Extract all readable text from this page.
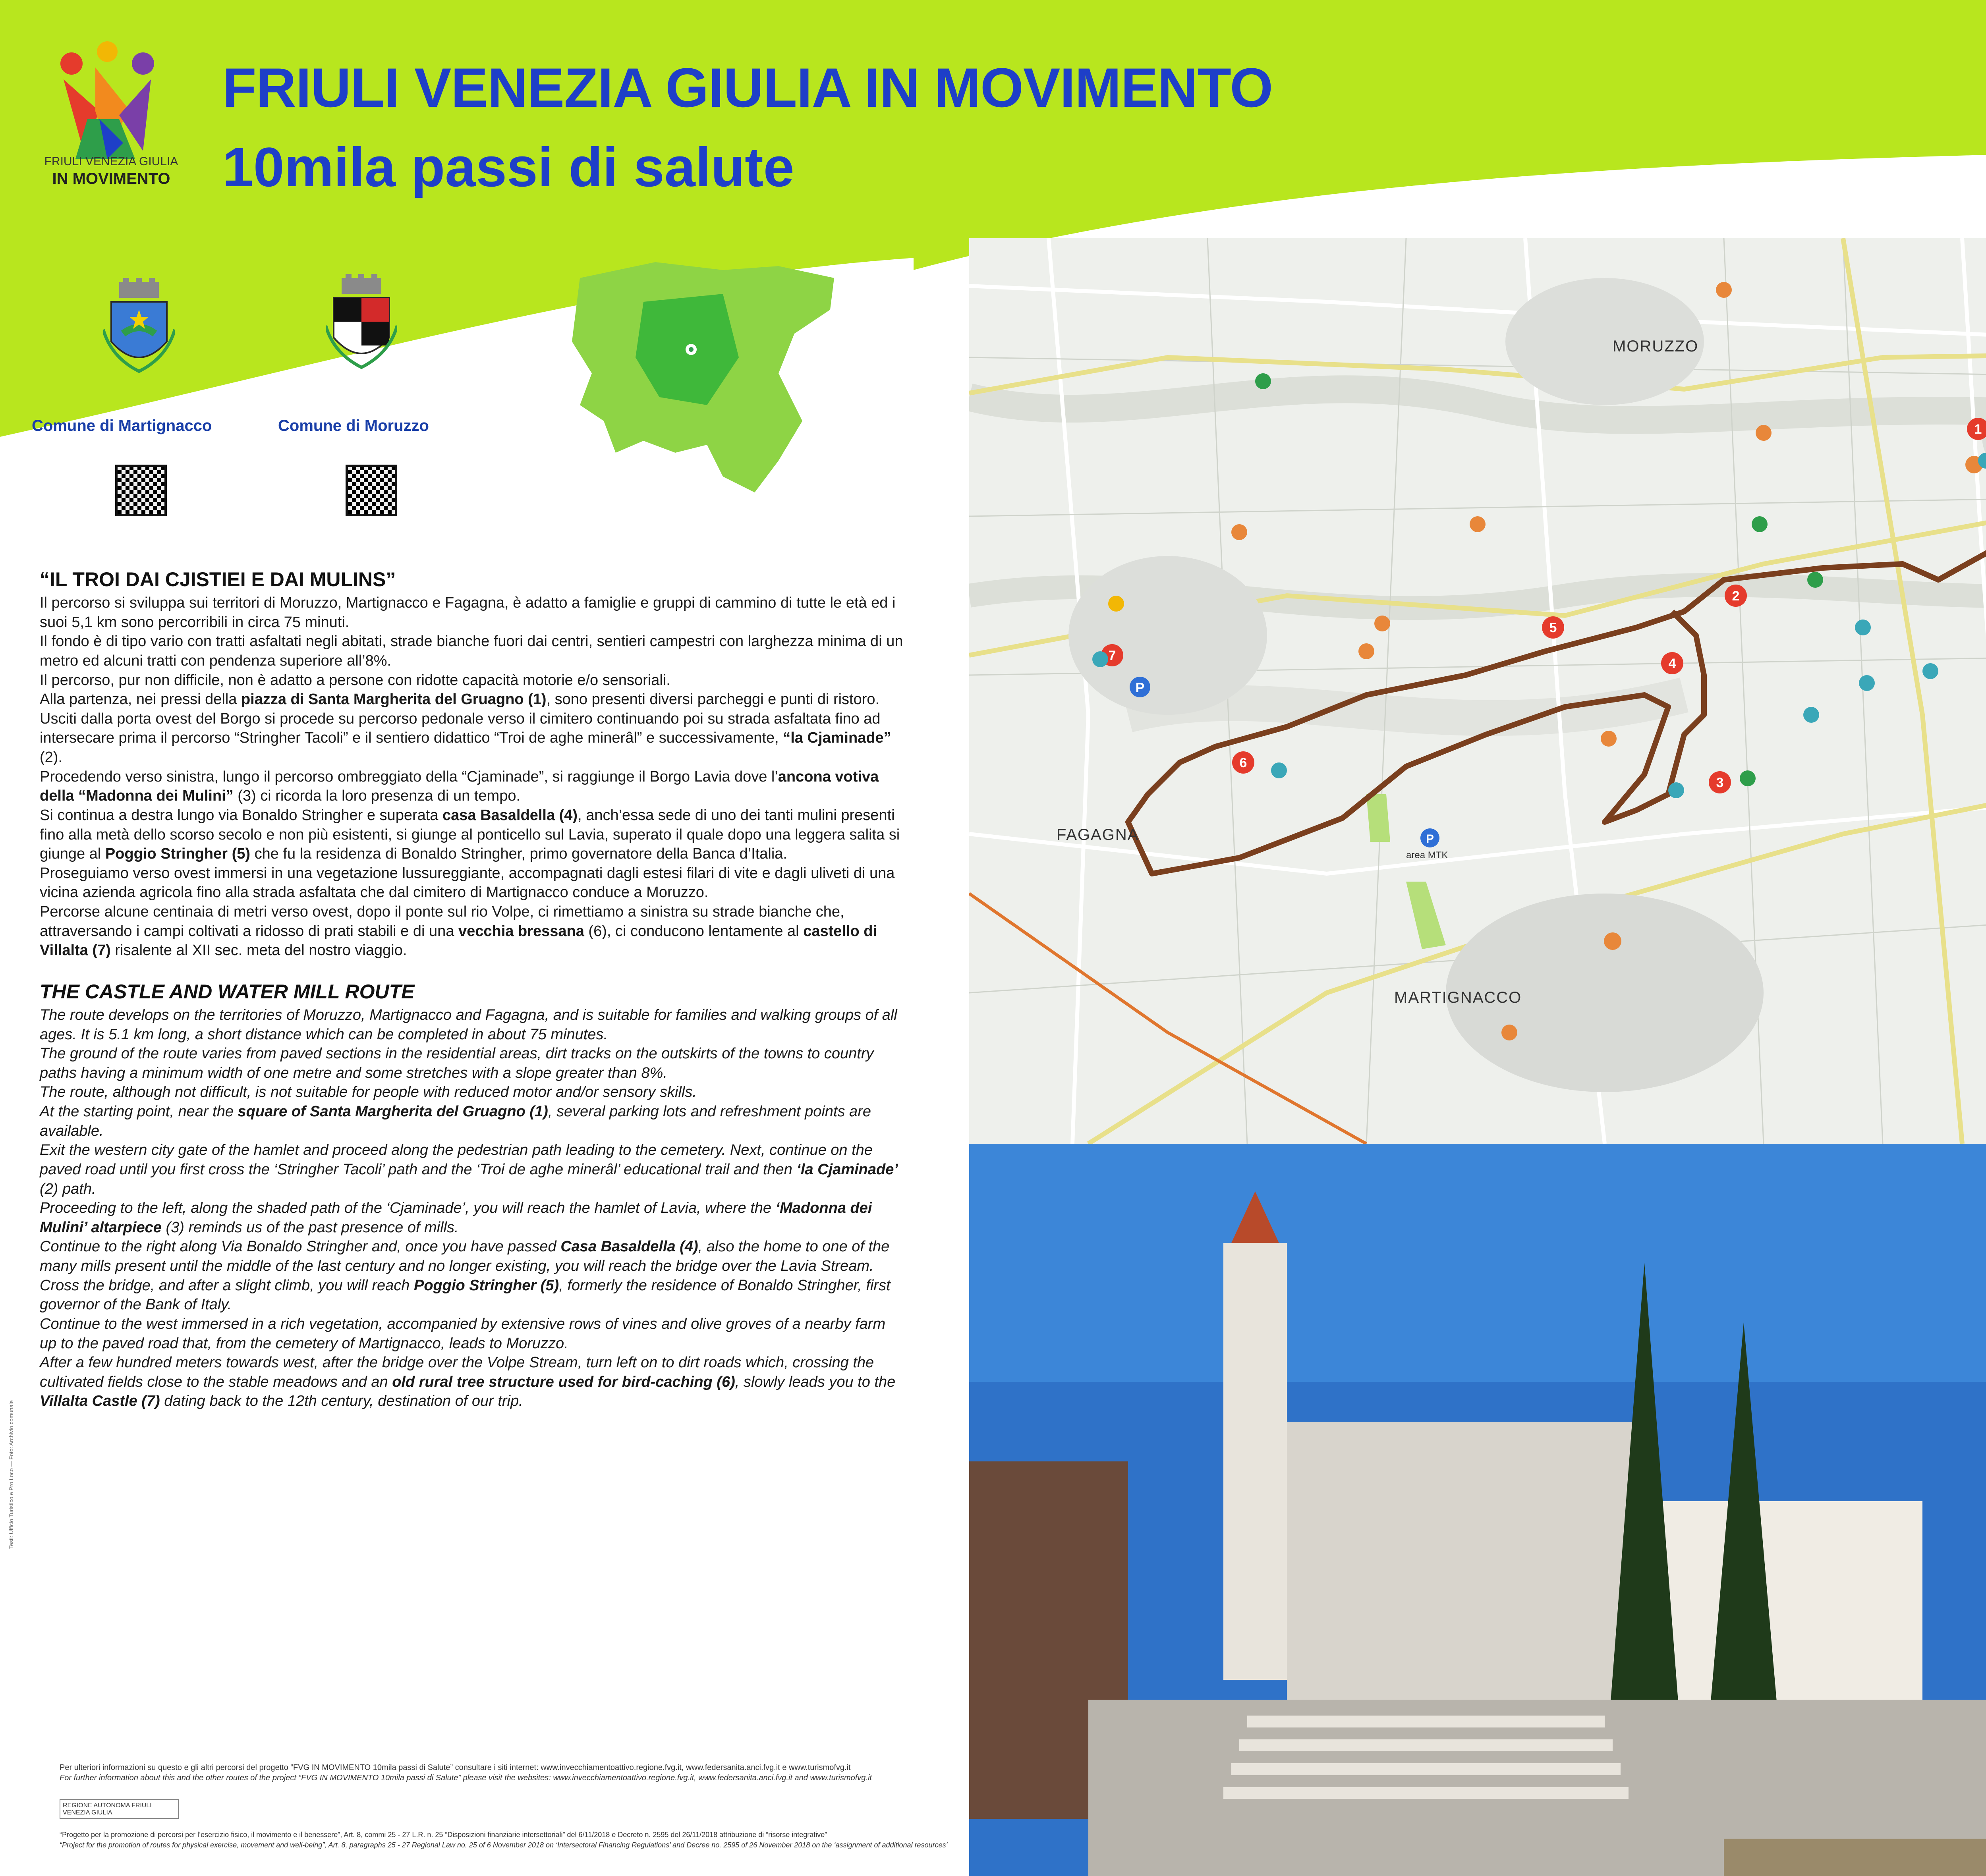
FRIULI VENEZIA GIULIA IN MOVIMENTO
10mila passi di salute
FRIULI VENEZIA GIULIA
IN MOVIMENTO
Comune di Martignacco	Comune di Moruzzo	1
2
3
4
5
6
7
P
P
MORUZZO
FAGAGNA
MARTIGNACCO
area MTK
“IL TROI DAI CJISTIEI E DAI MULINS”

Il percorso si sviluppa sui territori di Moruzzo, Martignacco e Fagagna, è adatto a famiglie e gruppi di cammino di tutte le età ed i suoi 5,1 km sono percorribili in circa 75 minuti.

Il fondo è di tipo vario con tratti asfaltati negli abitati, strade bianche fuori dai centri, sentieri campestri con larghezza minima di un metro ed alcuni tratti con pendenza superiore all’8%.

Il percorso, pur non difficile, non è adatto a persone con ridotte capacità motorie e/o sensoriali.

Alla partenza, nei pressi della piazza di Santa Margherita del Gruagno (1), sono presenti diversi parcheggi e punti di ristoro.

Usciti dalla porta ovest del Borgo si procede su percorso pedonale verso il cimitero continuando poi su strada asfaltata fino ad intersecare prima il percorso “Stringher Tacoli” e il sentiero didattico “Troi de aghe minerâl” e successivamente, “la Cjaminade” (2).

Procedendo verso sinistra, lungo il percorso ombreggiato della “Cjaminade”, si raggiunge il Borgo Lavia dove l’ancona votiva della “Madonna dei Mulini” (3) ci ricorda la loro presenza di un tempo.

Si continua a destra lungo via Bonaldo Stringher e superata casa Basaldella (4), anch’essa sede di uno dei tanti mulini presenti fino alla metà dello scorso secolo e non più esistenti, si giunge al ponticello sul Lavia, superato il quale dopo una leggera salita si giunge al Poggio Stringher (5) che fu la residenza di Bonaldo Stringher, primo governatore della Banca d’Italia.

Proseguiamo verso ovest immersi in una vegetazione lussureggiante, accompagnati dagli estesi filari di vite e dagli uliveti di una vicina azienda agricola fino alla strada asfaltata che dal cimitero di Martignacco conduce a Moruzzo.

Percorse alcune centinaia di metri verso ovest, dopo il ponte sul rio Volpe, ci rimettiamo a sinistra su strade bianche che, attraversando i campi coltivati a ridosso di prati stabili e di una vecchia bressana (6), ci conducono lentamente al castello di Villalta (7) risalente al XII sec. meta del nostro viaggio.

THE CASTLE AND WATER MILL ROUTE

The route develops on the territories of Moruzzo, Martignacco and Fagagna, and is suitable for families and walking groups of all ages. It is 5.1 km long, a short distance which can be completed in about 75 minutes.

The ground of the route varies from paved sections in the residential areas, dirt tracks on the outskirts of the towns to country paths having a minimum width of one metre and some stretches with a slope greater than 8%.

The route, although not difficult, is not suitable for people with reduced motor and/or sensory skills.

At the starting point, near the square of Santa Margherita del Gruagno (1), several parking lots and refreshment points are available.

Exit the western city gate of the hamlet and proceed along the pedestrian path leading to the cemetery. Next, continue on the paved road until you first cross the ‘Stringher Tacoli’ path and the ‘Troi de aghe minerâl’ educational trail and then ‘la Cjaminade’ (2) path.

Proceeding to the left, along the shaded path of the ‘Cjaminade’, you will reach the hamlet of Lavia, where the ‘Madonna dei Mulini’ altarpiece (3) reminds us of the past presence of mills.

Continue to the right along Via Bonaldo Stringher and, once you have passed Casa Basaldella (4), also the home to one of the many mills present until the middle of the last century and no longer existing, you will reach the bridge over the Lavia Stream. Cross the bridge, and after a slight climb, you will reach Poggio Stringher (5), formerly the residence of Bonaldo Stringher, first governor of the Bank of Italy.

Continue to the west immersed in a rich vegetation, accompanied by extensive rows of vines and olive groves of a nearby farm up to the paved road that, from the cemetery of Martignacco, leads to Moruzzo.

After a few hundred meters towards west, after the bridge over the Volpe Stream, turn left on to dirt roads which, crossing the cultivated fields close to the stable meadows and an old rural tree structure used for bird-caching (6), slowly leads you to the Villalta Castle (7) dating back to the 12th century, destination of our trip.

Per ulteriori informazioni su questo e gli altri percorsi del progetto “FVG IN MOVIMENTO 10mila passi di Salute” consultare i siti internet: www.invecchiamentoattivo.regione.fvg.it, www.federsanita.anci.fvg.it e www.turismofvg.it
For further information about this and the other routes of the project “FVG IN MOVIMENTO 10mila passi di Salute” please visit the websites: www.invecchiamentoattivo.regione.fvg.it, www.federsanita.anci.fvg.it and www.turismofvg.it
REGIONE AUTONOMA FRIULI VENEZIA GIULIA
“Progetto per la promozione di percorsi per l’esercizio fisico, il movimento e il benessere”, Art. 8, commi 25 - 27 L.R. n. 25 “Disposizioni finanziarie intersettoriali” del 6/11/2018 e Decreto n. 2595 del 26/11/2018 attribuzione di “risorse integrative”
“Project for the promotion of routes for physical exercise, movement and well-being”, Art. 8, paragraphs 25 - 27 Regional Law no. 25 of 6 November 2018 on ‘Intersectoral Financing Regulations’ and Decree no. 2595 of 26 November 2018 on the ‘assignment of additional resources’
Testi: Ufficio Turistico e Pro Loco — Foto: Archivio comunale
